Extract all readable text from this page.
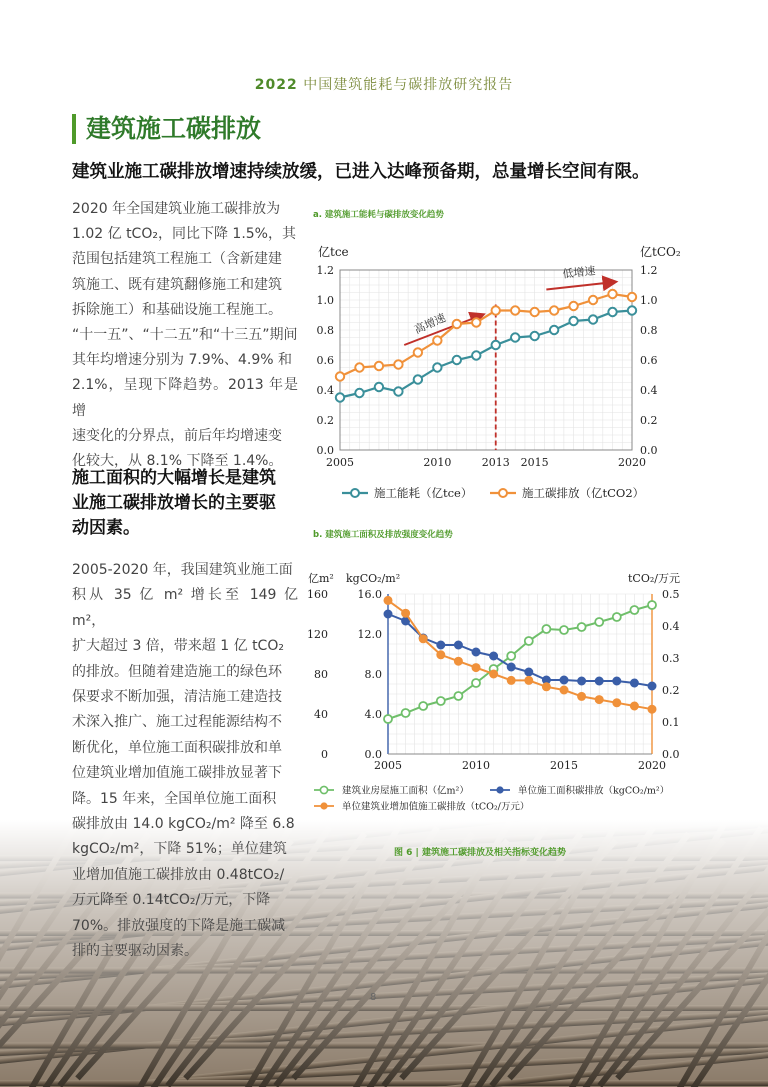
2022 中国建筑能耗与碳排放研究报告
建筑施工碳排放
建筑业施工碳排放增速持续放缓，已进入达峰预备期，总量增长空间有限。
2020 年全国建筑业施工碳排放为
1.02 亿 tCO₂，同比下降 1.5%，其
范围包括建筑工程施工（含新建建
筑施工、既有建筑翻修施工和建筑
拆除施工）和基础设施工程施工。
“十一五”、“十二五”和“十三五”期间
其年均增速分别为 7.9%、4.9% 和
2.1%，呈现下降趋势。2013 年是增
速变化的分界点，前后年均增速变
化较大，从 8.1% 下降至 1.4%。
施工面积的大幅增长是建筑
业施工碳排放增长的主要驱
动因素。
2005-2020 年，我国建筑业施工面
积从 35 亿 m² 增长至 149 亿 m²，
扩大超过 3 倍，带来超 1 亿 tCO₂
的排放。但随着建造施工的绿色环
保要求不断加强，清洁施工建造技
术深入推广、施工过程能源结构不
断优化，单位施工面积碳排放和单
位建筑业增加值施工碳排放显著下
降。15 年来，全国单位施工面积
碳排放由 14.0 kgCO₂/m² 降至 6.8
kgCO₂/m²，下降 51%；单位建筑
业增加值施工碳排放由 0.48tCO₂/
万元降至 0.14tCO₂/万元，下降
70%。排放强度的下降是施工碳减
排的主要驱动因素。
a. 建筑施工能耗与碳排放变化趋势
b. 建筑施工面积及排放强度变化趋势
0.0	0.0
0.2	0.2
0.4	0.4
0.6	0.6
0.8	0.8
1.0	1.0
1.2	1.2
2005	2010	2013 2015	2020
亿tce	亿tCO₂
高增速
低增速
施工能耗（亿tce）	施工碳排放（亿tCO2）
0
40
80
120
160
0.0
4.0
8.0
12.0
16.0
0.0
0.1
0.2
0.3
0.4
0.5
2005	2010	2015	2020
亿m² kgCO₂/m²	tCO₂/万元
建筑业房屋施工面积（亿m²）	单位施工面积碳排放（kgCO₂/m²）
单位建筑业增加值施工碳排放（tCO₂/万元）
图 6 | 建筑施工碳排放及相关指标变化趋势
8
